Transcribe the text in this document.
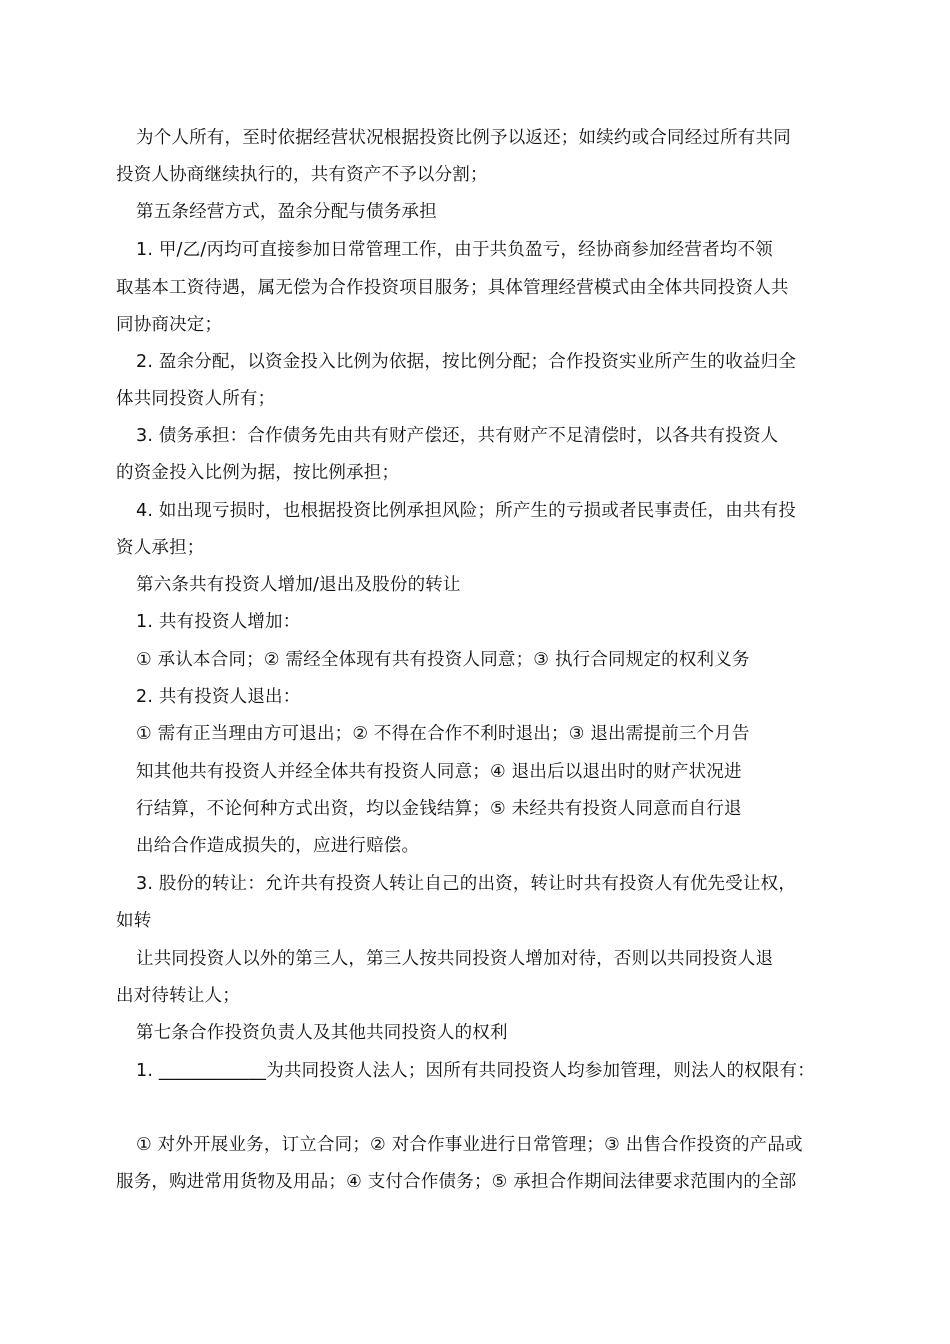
为个人所有，至时依据经营状况根据投资比例予以返还；如续约或合同经过所有共同
投资人协商继续执行的，共有资产不予以分割；
第五条经营方式，盈余分配与债务承担
1. 甲/乙/丙均可直接参加日常管理工作，由于共负盈亏，经协商参加经营者均不领
取基本工资待遇，属无偿为合作投资项目服务；具体管理经营模式由全体共同投资人共
同协商决定；
2. 盈余分配，以资金投入比例为依据，按比例分配；合作投资实业所产生的收益归全
体共同投资人所有；
3. 债务承担：合作债务先由共有财产偿还，共有财产不足清偿时，以各共有投资人
的资金投入比例为据，按比例承担；
4. 如出现亏损时，也根据投资比例承担风险；所产生的亏损或者民事责任，由共有投
资人承担；
第六条共有投资人增加/退出及股份的转让
1. 共有投资人增加：
① 承认本合同；② 需经全体现有共有投资人同意；③ 执行合同规定的权利义务
2. 共有投资人退出：
① 需有正当理由方可退出；② 不得在合作不利时退出；③ 退出需提前三个月告
知其他共有投资人并经全体共有投资人同意；④ 退出后以退出时的财产状况进
行结算，不论何种方式出资，均以金钱结算；⑤ 未经共有投资人同意而自行退
出给合作造成损失的，应进行赔偿。
3. 股份的转让：允许共有投资人转让自己的出资，转让时共有投资人有优先受让权，
如转
让共同投资人以外的第三人，第三人按共同投资人增加对待，否则以共同投资人退
出对待转让人；
第七条合作投资负责人及其他共同投资人的权利
1. ____________为共同投资人法人；因所有共同投资人均参加管理，则法人的权限有：
① 对外开展业务，订立合同；② 对合作事业进行日常管理；③ 出售合作投资的产品或
服务，购进常用货物及用品；④ 支付合作债务；⑤ 承担合作期间法律要求范围内的全部
